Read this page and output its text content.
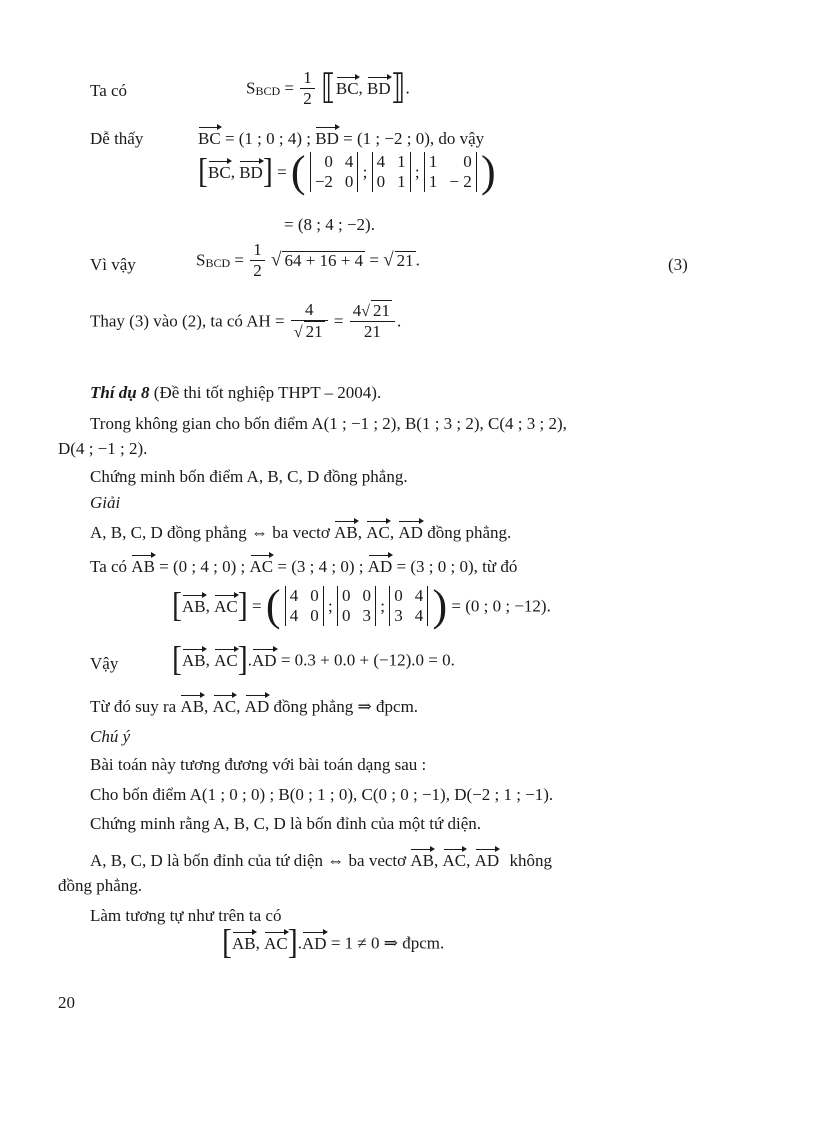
Ta có	$S_{BCD} = \frac{1}{2}$ ⟦BC, BD⟧.
Dễ thấy	BC = (1 ; 0 ; 4) ; BD = (1 ; −2 ; 0), do vậy
[BC, BD] = (	0 4
−2 0 ;
4 1
0 1 ;
1	0
1 − 2 )
= (8 ; 4 ; −2).
Vì vậy	$S_{BCD} = \frac{1}{2}$ √ 64 + 16 + 4 = √ 21 .	(3)
Thay (3) vào (2), ta có AH = $\frac{4}{√ 21} = \frac{4√ 21}{21}$ .
Thí dụ 8 (Đề thi tốt nghiệp THPT – 2004).
Trong không gian cho bốn điểm A(1 ; −1 ; 2), B(1 ; 3 ; 2), C(4 ; 3 ; 2),
D(4 ; −1 ; 2).
Chứng minh bốn điểm A, B, C, D đồng phẳng.
Giải
A, B, C, D đồng phẳng ⇔ ba vectơ AB, AC, AD đồng phẳng.
Ta có AB = (0 ; 4 ; 0) ; AC = (3 ; 4 ; 0) ; AD = (3 ; 0 ; 0), từ đó
[AB, AC] = ( 4 0
4 0 ;
0 0
0 3 ;
0 4
3 4 ) = (0 ; 0 ; −12).
Vậy [AB, AC].AD = 0.3 + 0.0 + (−12).0 = 0.
Từ đó suy ra AB, AC, AD đồng phẳng ⇒ đpcm.
Chú ý
Bài toán này tương đương với bài toán dạng sau :
Cho bốn điểm A(1 ; 0 ; 0) ; B(0 ; 1 ; 0), C(0 ; 0 ; −1), D(−2 ; 1 ; −1).
Chứng minh rằng A, B, C, D là bốn đỉnh của một tứ diện.
A, B, C, D là bốn đỉnh của tứ diện ⇔ ba vectơ AB, AC, AD không
đồng phẳng.
Làm tương tự như trên ta có
[AB, AC].AD = 1 ≠ 0 ⇒ đpcm.
20
